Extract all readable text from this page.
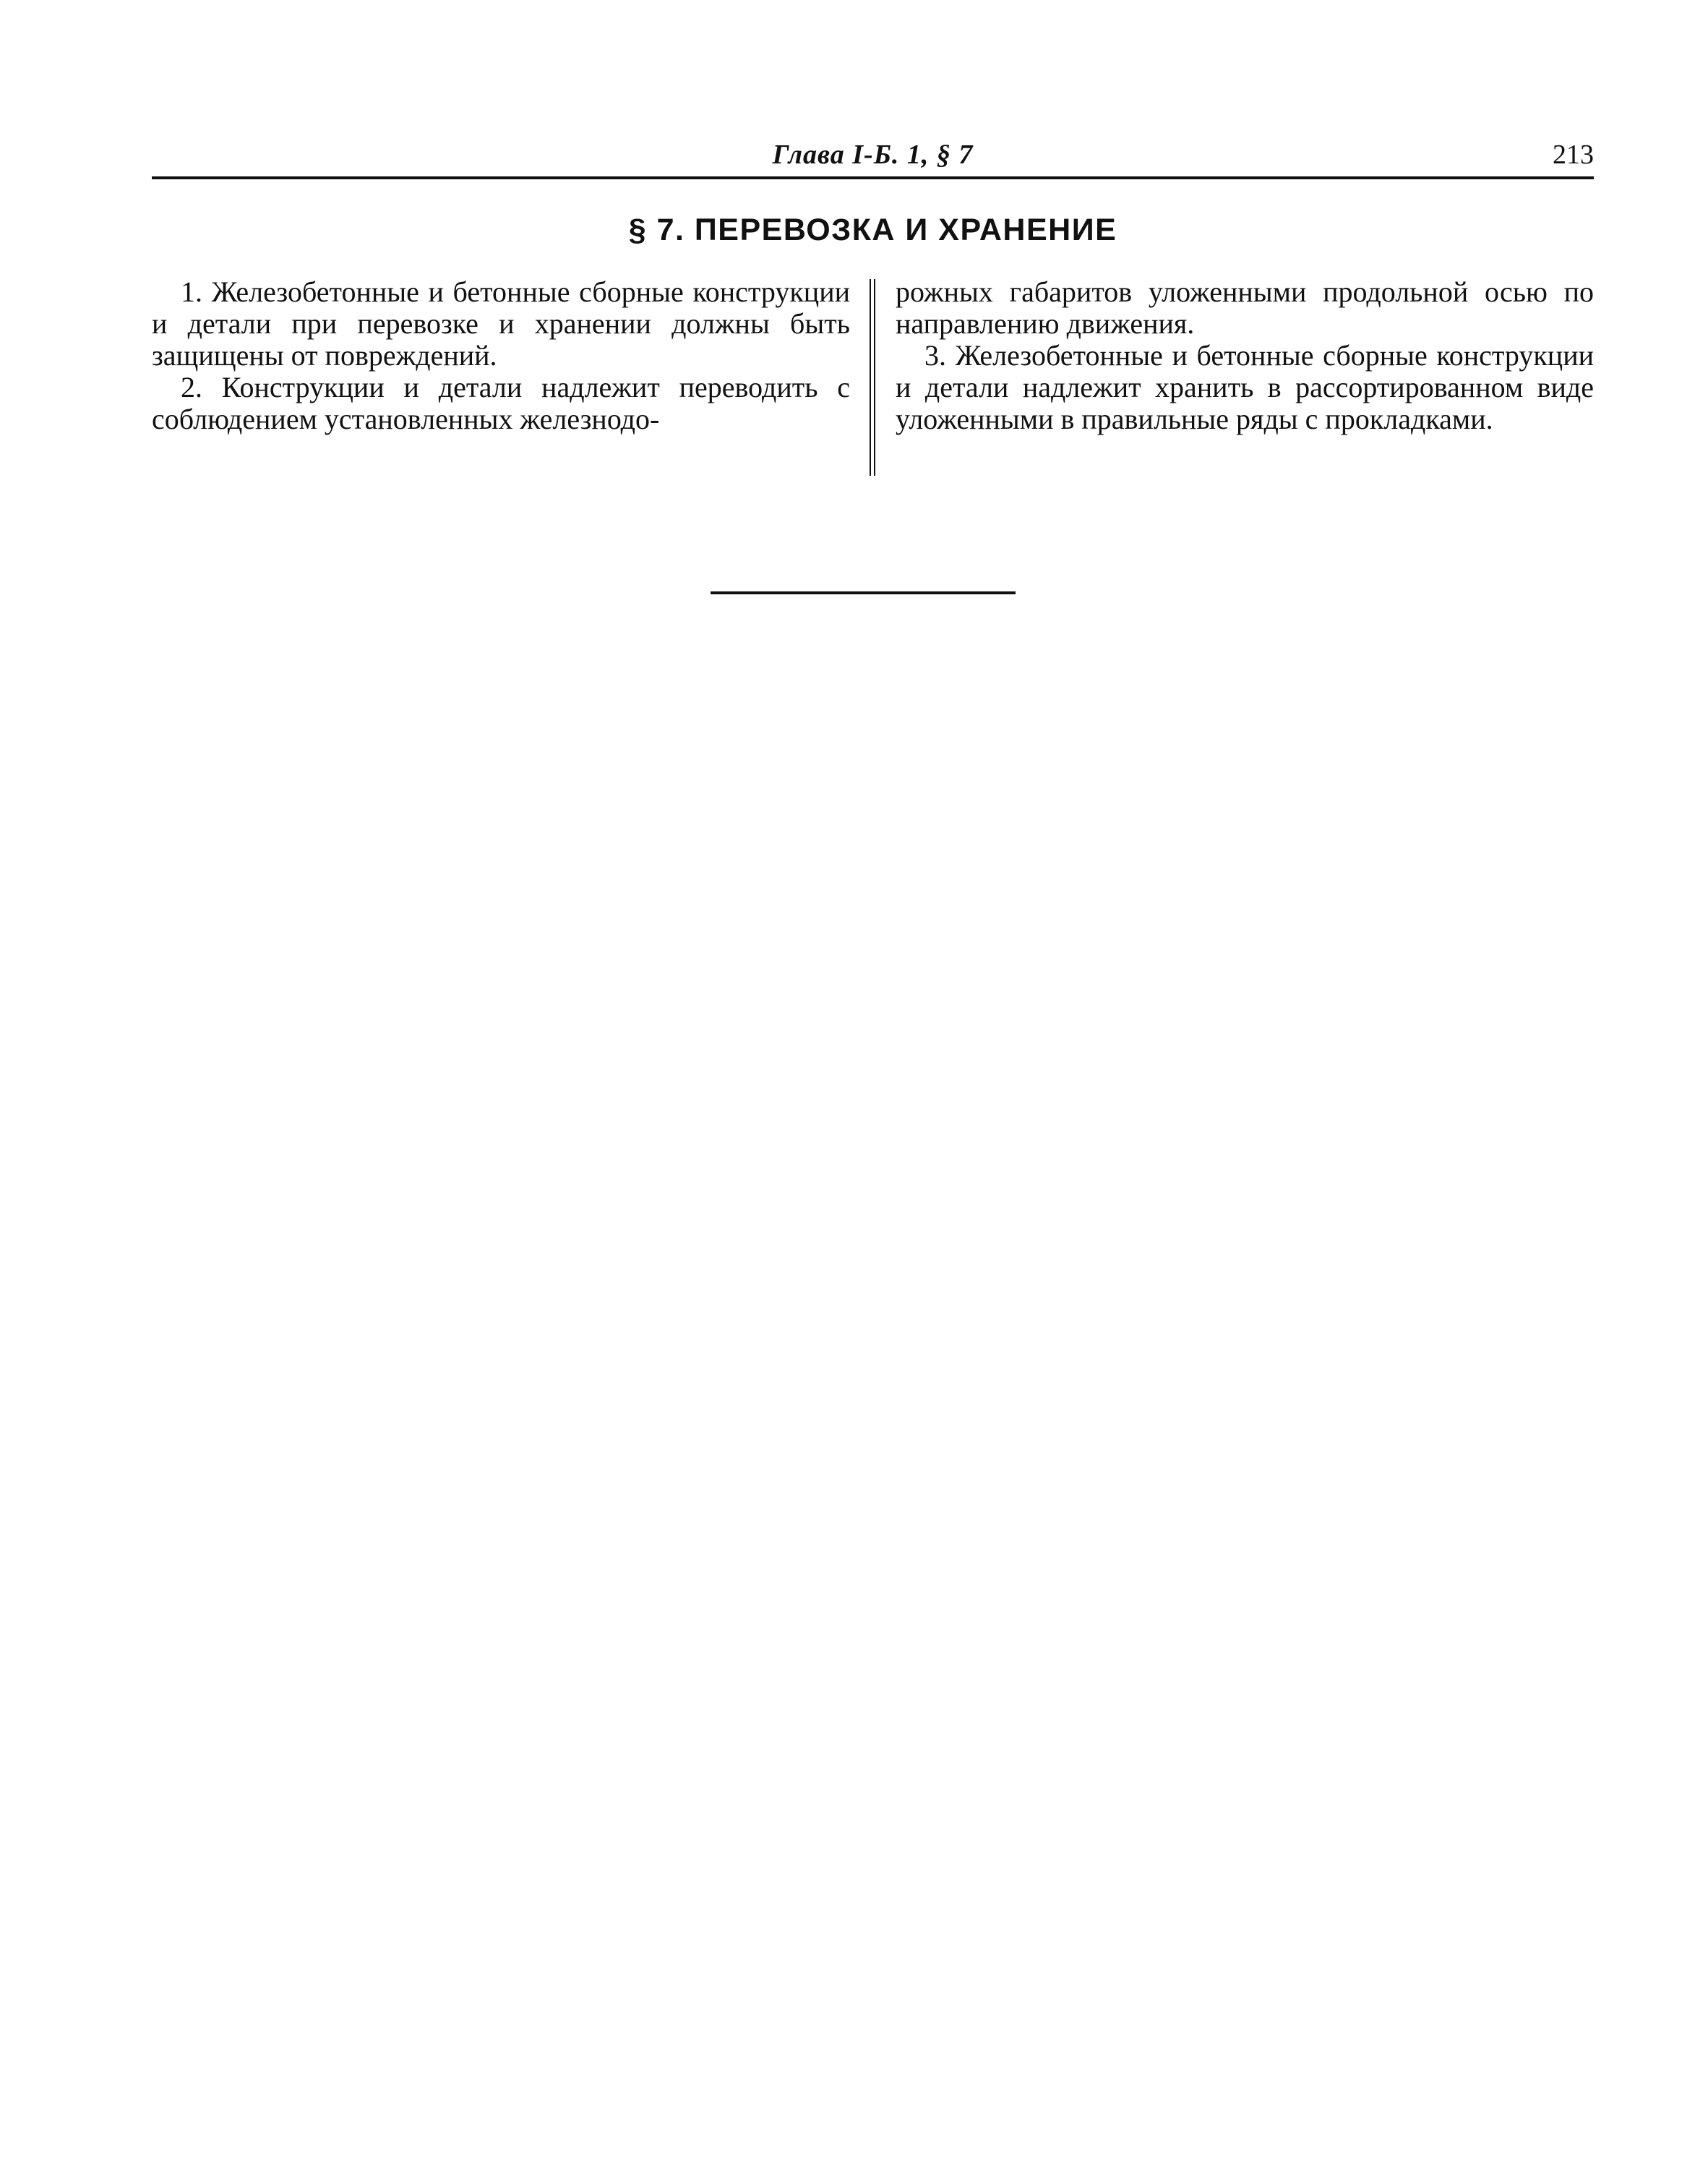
Глава I-Б. 1, § 7	213
§ 7. ПЕРЕВОЗКА И ХРАНЕНИЕ

1. Железобетонные и бетонные сборные конструкции и детали при перевозке и хранении должны быть защищены от повреждений.

2. Конструкции и детали надлежит переводить с соблюдением установленных железнодо-

рожных габаритов уложенными продольной осью по направлению движения.

3. Железобетонные и бетонные сборные конструкции и детали надлежит хранить в рассортированном виде уложенными в правильные ряды с прокладками.
